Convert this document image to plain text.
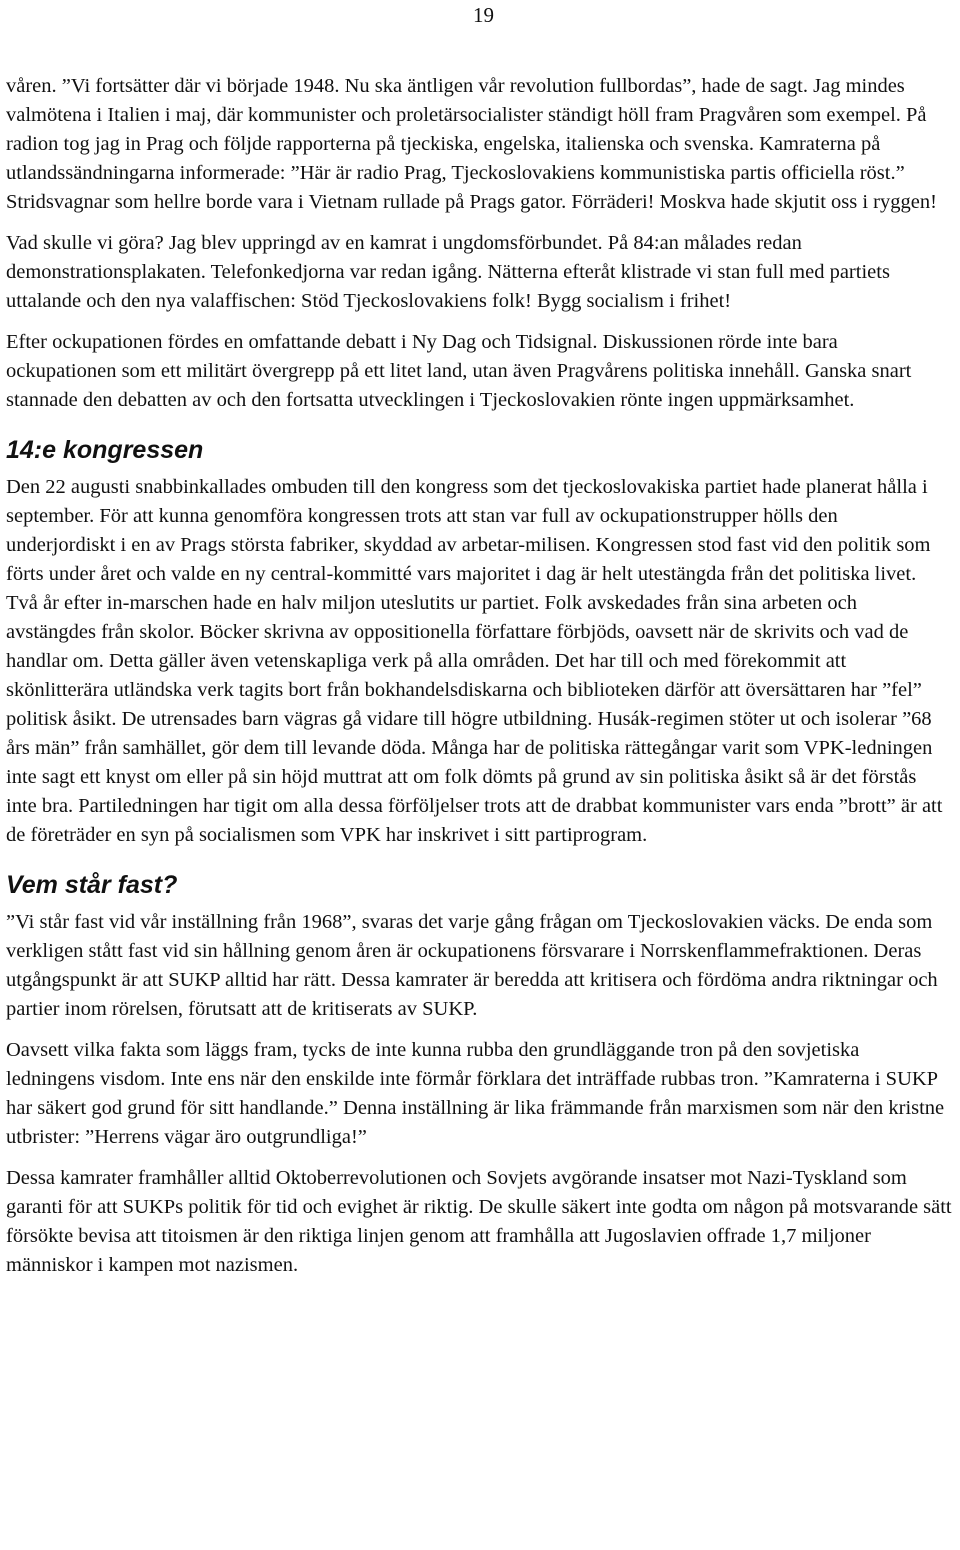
19

våren. ”Vi fortsätter där vi började 1948. Nu ska äntligen vår revolution fullbordas”, hade de sagt. Jag mindes valmötena i Italien i maj, där kommunister och proletärsocialister ständigt höll fram Pragvåren som exempel. På radion tog jag in Prag och följde rapporterna på tjeckiska, engelska, italienska och svenska. Kamraterna på utlandssändningarna informerade: ”Här är radio Prag, Tjeckoslovakiens kommunistiska partis officiella röst.” Stridsvagnar som hellre borde vara i Vietnam rullade på Prags gator. Förräderi! Moskva hade skjutit oss i ryggen!

Vad skulle vi göra? Jag blev uppringd av en kamrat i ungdomsförbundet. På 84:an målades redan demonstrationsplakaten. Telefonkedjorna var redan igång. Nätterna efteråt klistrade vi stan full med partiets uttalande och den nya valaffischen: Stöd Tjeckoslovakiens folk! Bygg socialism i frihet!

Efter ockupationen fördes en omfattande debatt i Ny Dag och Tidsignal. Diskussionen rörde inte bara ockupationen som ett militärt övergrepp på ett litet land, utan även Pragvårens politiska innehåll. Ganska snart stannade den debatten av och den fortsatta utvecklingen i Tjeckoslovakien rönte ingen uppmärksamhet.

14:e kongressen

Den 22 augusti snabbinkallades ombuden till den kongress som det tjeckoslovakiska partiet hade planerat hålla i september. För att kunna genomföra kongressen trots att stan var full av ockupationstrupper hölls den underjordiskt i en av Prags största fabriker, skyddad av arbetar-milisen. Kongressen stod fast vid den politik som förts under året och valde en ny central-kommitté vars majoritet i dag är helt utestängda från det politiska livet. Två år efter in-marschen hade en halv miljon uteslutits ur partiet. Folk avskedades från sina arbeten och avstängdes från skolor. Böcker skrivna av oppositionella författare förbjöds, oavsett när de skrivits och vad de handlar om. Detta gäller även vetenskapliga verk på alla områden. Det har till och med förekommit att skönlitterära utländska verk tagits bort från bokhandelsdiskarna och biblioteken därför att översättaren har ”fel” politisk åsikt. De utrensades barn vägras gå vidare till högre utbildning. Husák-regimen stöter ut och isolerar ”68 års män” från samhället, gör dem till levande döda. Många har de politiska rättegångar varit som VPK-ledningen inte sagt ett knyst om eller på sin höjd muttrat att om folk dömts på grund av sin politiska åsikt så är det förstås inte bra. Partiledningen har tigit om alla dessa förföljelser trots att de drabbat kommunister vars enda ”brott” är att de företräder en syn på socialismen som VPK har inskrivet i sitt partiprogram.

Vem står fast?

”Vi står fast vid vår inställning från 1968”, svaras det varje gång frågan om Tjeckoslovakien väcks. De enda som verkligen stått fast vid sin hållning genom åren är ockupationens försvarare i Norrskenflammefraktionen. Deras utgångspunkt är att SUKP alltid har rätt. Dessa kamrater är beredda att kritisera och fördöma andra riktningar och partier inom rörelsen, förutsatt att de kritiserats av SUKP.

Oavsett vilka fakta som läggs fram, tycks de inte kunna rubba den grundläggande tron på den sovjetiska ledningens visdom. Inte ens när den enskilde inte förmår förklara det inträffade rubbas tron. ”Kamraterna i SUKP har säkert god grund för sitt handlande.” Denna inställning är lika främmande från marxismen som när den kristne utbrister: ”Herrens vägar äro outgrundliga!”

Dessa kamrater framhåller alltid Oktoberrevolutionen och Sovjets avgörande insatser mot Nazi-Tyskland som garanti för att SUKPs politik för tid och evighet är riktig. De skulle säkert inte godta om någon på motsvarande sätt försökte bevisa att titoismen är den riktiga linjen genom att framhålla att Jugoslavien offrade 1,7 miljoner människor i kampen mot nazismen.
